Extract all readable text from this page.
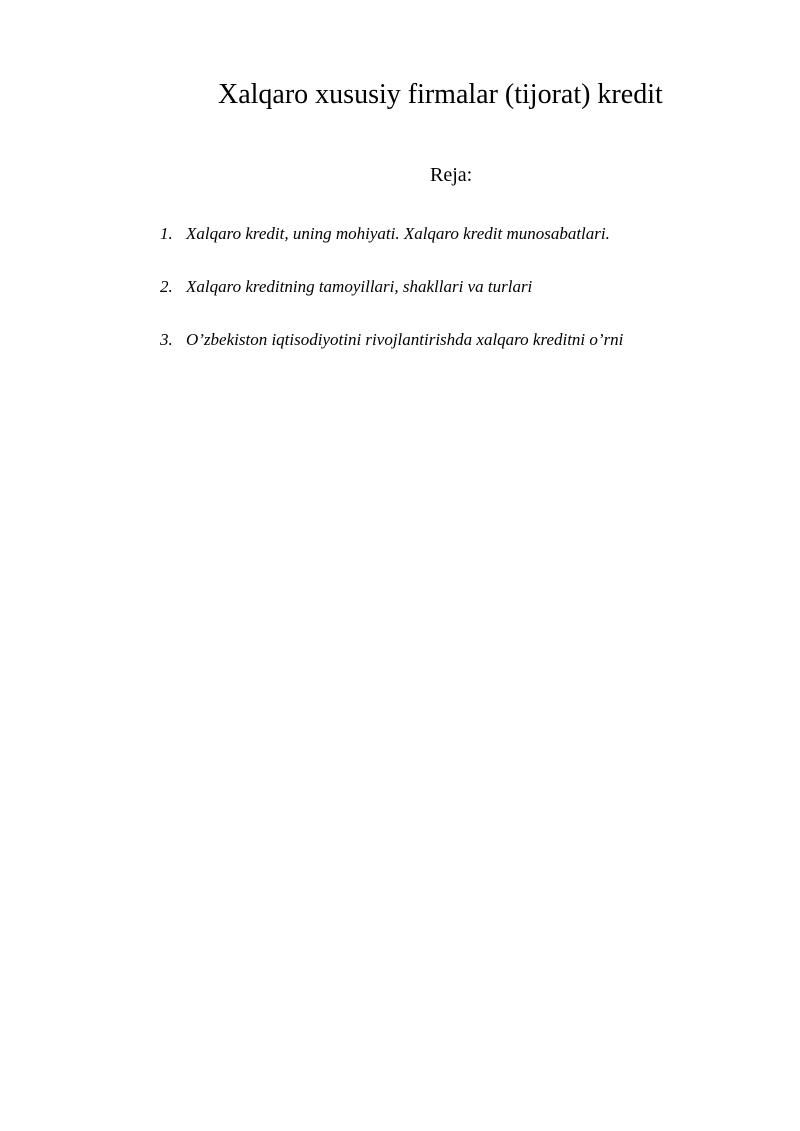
Xalqaro xususiy firmalar (tijorat) kredit
Reja:
1. Xalqaro kredit, uning mohiyati. Xalqaro kredit munosabatlari.
2. Xalqaro kreditning tamoyillari, shakllari va turlari
3. O’zbekiston iqtisodiyotini rivojlantirishda xalqaro kreditni o’rni
